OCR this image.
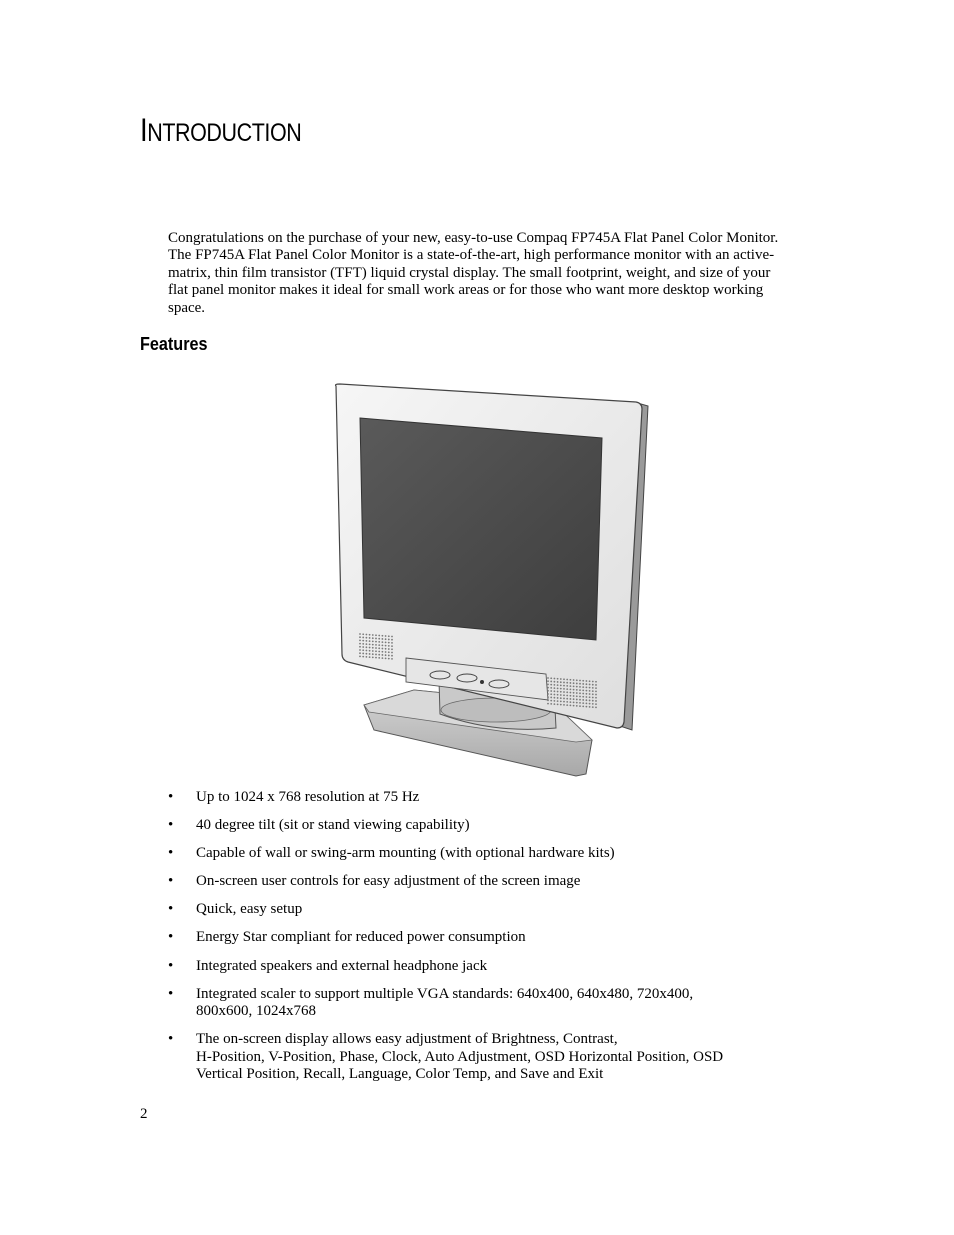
INTRODUCTION

Congratulations on the purchase of your new, easy-to-use Compaq FP745A Flat Panel Color Monitor.
The FP745A Flat Panel Color Monitor is a state-of-the-art, high performance monitor with an active-
matrix, thin film transistor (TFT) liquid crystal display. The small footprint, weight, and size of your
flat panel monitor makes it ideal for small work areas or for those who want more desktop working
space.

Features
• Up to 1024 x 768 resolution at 75 Hz
• 40 degree tilt (sit or stand viewing capability)
• Capable of wall or swing-arm mounting (with optional hardware kits)
• On-screen user controls for easy adjustment of the screen image
• Quick, easy setup
• Energy Star compliant for reduced power consumption
• Integrated speakers and external headphone jack
• Integrated scaler to support multiple VGA standards: 640x400, 640x480, 720x400,
800x600, 1024x768
• The on-screen display allows easy adjustment of Brightness, Contrast,
H-Position, V-Position, Phase, Clock, Auto Adjustment, OSD Horizontal Position, OSD
Vertical Position, Recall, Language, Color Temp, and Save and Exit

2
